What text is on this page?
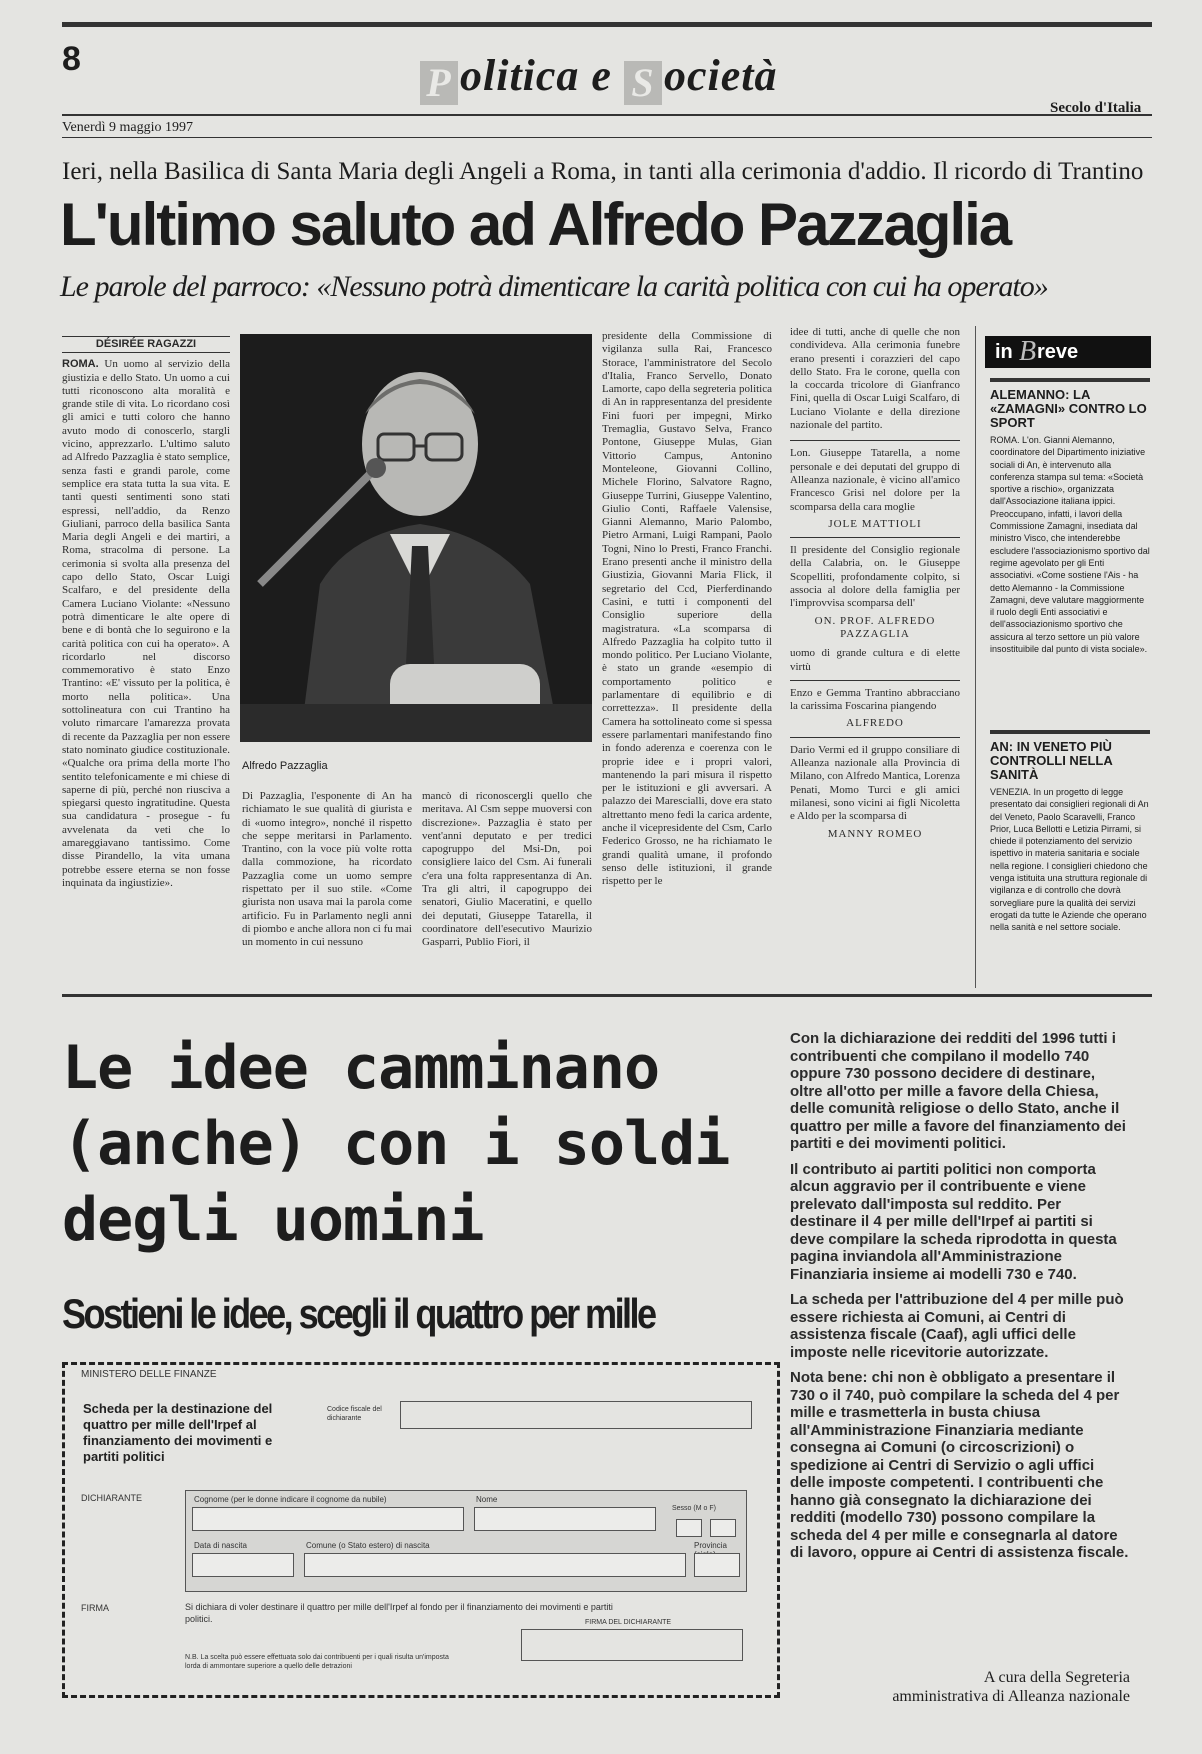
8
P olitica e S ocietà
Venerdì 9 maggio 1997
Secolo d'Italia
Ieri, nella Basilica di Santa Maria degli Angeli a Roma, in tanti alla cerimonia d'addio. Il ricordo di Trantino
L'ultimo saluto ad Alfredo Pazzaglia
Le parole del parroco: «Nessuno potrà dimenticare la carità politica con cui ha operato»
DÉSIRÉE RAGAZZI
ROMA. Un uomo al servizio della giustizia e dello Stato. Un uomo a cui tutti riconoscono alta moralità e grande stile di vita. Lo ricordano così gli amici e tutti coloro che hanno avuto modo di conoscerlo, stargli vicino, apprezzarlo. L'ultimo saluto ad Alfredo Pazzaglia è stato semplice, senza fasti e grandi parole, come semplice era stata tutta la sua vita. E tanti questi sentimenti sono stati espressi, nell'addio, da Renzo Giuliani, parroco della basilica Santa Maria degli Angeli e dei martiri, a Roma, stracolma di persone. La cerimonia si svolta alla presenza del capo dello Stato, Oscar Luigi Scalfaro, e del presidente della Camera Luciano Violante: «Nessuno potrà dimenticare le alte opere di bene e di bontà che lo seguirono e la carità politica con cui ha operato». A ricordarlo nel discorso commemorativo è stato Enzo Trantino: «E' vissuto per la politica, è morto nella politica». Una sottolineatura con cui Trantino ha voluto rimarcare l'amarezza provata di recente da Pazzaglia per non essere stato nominato giudice costituzionale. «Qualche ora prima della morte l'ho sentito telefonicamente e mi chiese di saperne di più, perché non riusciva a spiegarsi questo ingratitudine. Questa sua candidatura - prosegue - fu avvelenata da veti che lo amareggiavano tantissimo. Come disse Pirandello, la vita umana potrebbe essere eterna se non fosse inquinata da ingiustizie».
Alfredo Pazzaglia
Di Pazzaglia, l'esponente di An ha richiamato le sue qualità di giurista e di «uomo integro», nonché il rispetto che seppe meritarsi in Parlamento. Trantino, con la voce più volte rotta dalla commozione, ha ricordato Pazzaglia come un uomo sempre rispettato per il suo stile. «Come giurista non usava mai la parola come artificio. Fu in Parlamento negli anni di piombo e anche allora non ci fu mai un momento in cui nessuno
mancò di riconoscergli quello che meritava. Al Csm seppe muoversi con discrezione». Pazzaglia è stato per vent'anni deputato e per tredici capogruppo del Msi-Dn, poi consigliere laico del Csm. Ai funerali c'era una folta rappresentanza di An. Tra gli altri, il capogruppo dei senatori, Giulio Maceratini, e quello dei deputati, Giuseppe Tatarella, il coordinatore dell'esecutivo Maurizio Gasparri, Publio Fiori, il
presidente della Commissione di vigilanza sulla Rai, Francesco Storace, l'amministratore del Secolo d'Italia, Franco Servello, Donato Lamorte, capo della segreteria politica di An in rappresentanza del presidente Fini fuori per impegni, Mirko Tremaglia, Gustavo Selva, Franco Pontone, Giuseppe Mulas, Gian Vittorio Campus, Antonino Monteleone, Giovanni Collino, Michele Florino, Salvatore Ragno, Giuseppe Turrini, Giuseppe Valentino, Giulio Conti, Raffaele Valensise, Gianni Alemanno, Mario Palombo, Pietro Armani, Luigi Rampani, Paolo Togni, Nino lo Presti, Franco Franchi. Erano presenti anche il ministro della Giustizia, Giovanni Maria Flick, il segretario del Ccd, Pierferdinando Casini, e tutti i componenti del Consiglio superiore della magistratura. «La scomparsa di Alfredo Pazzaglia ha colpito tutto il mondo politico. Per Luciano Violante, è stato un grande «esempio di comportamento politico e parlamentare di equilibrio e di correttezza». Il presidente della Camera ha sottolineato come si spessa essere parlamentari manifestando fino in fondo aderenza e coerenza con le proprie idee e i propri valori, mantenendo la pari misura il rispetto per le istituzioni e gli avversari. A palazzo dei Marescialli, dove era stato altrettanto meno fedi la carica ardente, anche il vicepresidente del Csm, Carlo Federico Grosso, ne ha richiamato le grandi qualità umane, il profondo senso delle istituzioni, il grande rispetto per le
idee di tutti, anche di quelle che non condivideva. Alla cerimonia funebre erano presenti i corazzieri del capo dello Stato. Fra le corone, quella con la coccarda tricolore di Gianfranco Fini, quella di Oscar Luigi Scalfaro, di Luciano Violante e della direzione nazionale del partito.
Lon. Giuseppe Tatarella, a nome personale e dei deputati del gruppo di Alleanza nazionale, è vicino all'amico Francesco Grisi nel dolore per la scomparsa della cara moglie
JOLE MATTIOLI
Il presidente del Consiglio regionale della Calabria, on. le Giuseppe Scopelliti, profondamente colpito, si associa al dolore della famiglia per l'improvvisa scomparsa dell'
ON. PROF. ALFREDO PAZZAGLIA
uomo di grande cultura e di elette virtù
Enzo e Gemma Trantino abbracciano la carissima Foscarina piangendo
ALFREDO
Dario Vermi ed il gruppo consiliare di Alleanza nazionale alla Provincia di Milano, con Alfredo Mantica, Lorenza Penati, Momo Turci e gli amici milanesi, sono vicini ai figli Nicoletta e Aldo per la scomparsa di
MANNY ROMEO
in B reve
ALEMANNO: LA «ZAMAGNI» CONTRO LO SPORT
ROMA. L'on. Gianni Alemanno, coordinatore del Dipartimento iniziative sociali di An, è intervenuto alla conferenza stampa sul tema: «Società sportive a rischio», organizzata dall'Associazione italiana ippici. Preoccupano, infatti, i lavori della Commissione Zamagni, insediata dal ministro Visco, che intenderebbe escludere l'associazionismo sportivo dal regime agevolato per gli Enti associativi. «Come sostiene l'Ais - ha detto Alemanno - la Commissione Zamagni, deve valutare maggiormente il ruolo degli Enti associativi e dell'associazionismo sportivo che assicura al terzo settore un più valore insostituibile dal punto di vista sociale».
AN: IN VENETO PIÙ CONTROLLI NELLA SANITÀ
VENEZIA. In un progetto di legge presentato dai consiglieri regionali di An del Veneto, Paolo Scaravelli, Franco Prior, Luca Bellotti e Letizia Pirrami, si chiede il potenziamento del servizio ispettivo in materia sanitaria e sociale nella regione. I consiglieri chiedono che venga istituita una struttura regionale di vigilanza e di controllo che dovrà sorvegliare pure la qualità dei servizi erogati da tutte le Aziende che operano nella sanità e nel settore sociale.
Le idee camminano
(anche) con i soldi
degli uomini
Sostieni le idee, scegli il quattro per mille

Con la dichiarazione dei redditi del 1996 tutti i contribuenti che compilano il modello 740 oppure 730 possono decidere di destinare, oltre all'otto per mille a favore della Chiesa, delle comunità religiose o dello Stato, anche il quattro per mille a favore del finanziamento dei partiti e dei movimenti politici.

Il contributo ai partiti politici non comporta alcun aggravio per il contribuente e viene prelevato dall'imposta sul reddito. Per destinare il 4 per mille dell'Irpef ai partiti si deve compilare la scheda riprodotta in questa pagina inviandola all'Amministrazione Finanziaria insieme ai modelli 730 e 740.

La scheda per l'attribuzione del 4 per mille può essere richiesta ai Comuni, ai Centri di assistenza fiscale (Caaf), agli uffici delle imposte nelle ricevitorie autorizzate.

Nota bene: chi non è obbligato a presentare il 730 o il 740, può compilare la scheda del 4 per mille e trasmetterla in busta chiusa all'Amministrazione Finanziaria mediante consegna ai Comuni (o circoscrizioni) o spedizione ai Centri di Servizio o agli uffici delle imposte competenti. I contribuenti che hanno già consegnato la dichiarazione dei redditi (modello 730) possono compilare la scheda del 4 per mille e consegnarla al datore di lavoro, oppure ai Centri di assistenza fiscale.

A cura della Segreteria
amministrativa di Alleanza nazionale
MINISTERO DELLE FINANZE
Scheda per la destinazione del quattro per mille dell'Irpef al finanziamento dei movimenti e partiti politici
Codice fiscale del dichiarante
DICHIARANTE	Cognome (per le donne indicare il cognome da nubile)	Nome
Sesso (M o F)
Data di nascita	Comune (o Stato estero) di nascita	Provincia
FIRMA	Si dichiara di voler destinare il quattro per mille dell'Irpef al fondo per il finanziamento dei movimenti e partiti politici.	FIRMA DEL DICHIARANTE
N.B. La scelta può essere effettuata solo dai contribuenti per i quali risulta un'imposta lorda di ammontare superiore a quello delle detrazioni
